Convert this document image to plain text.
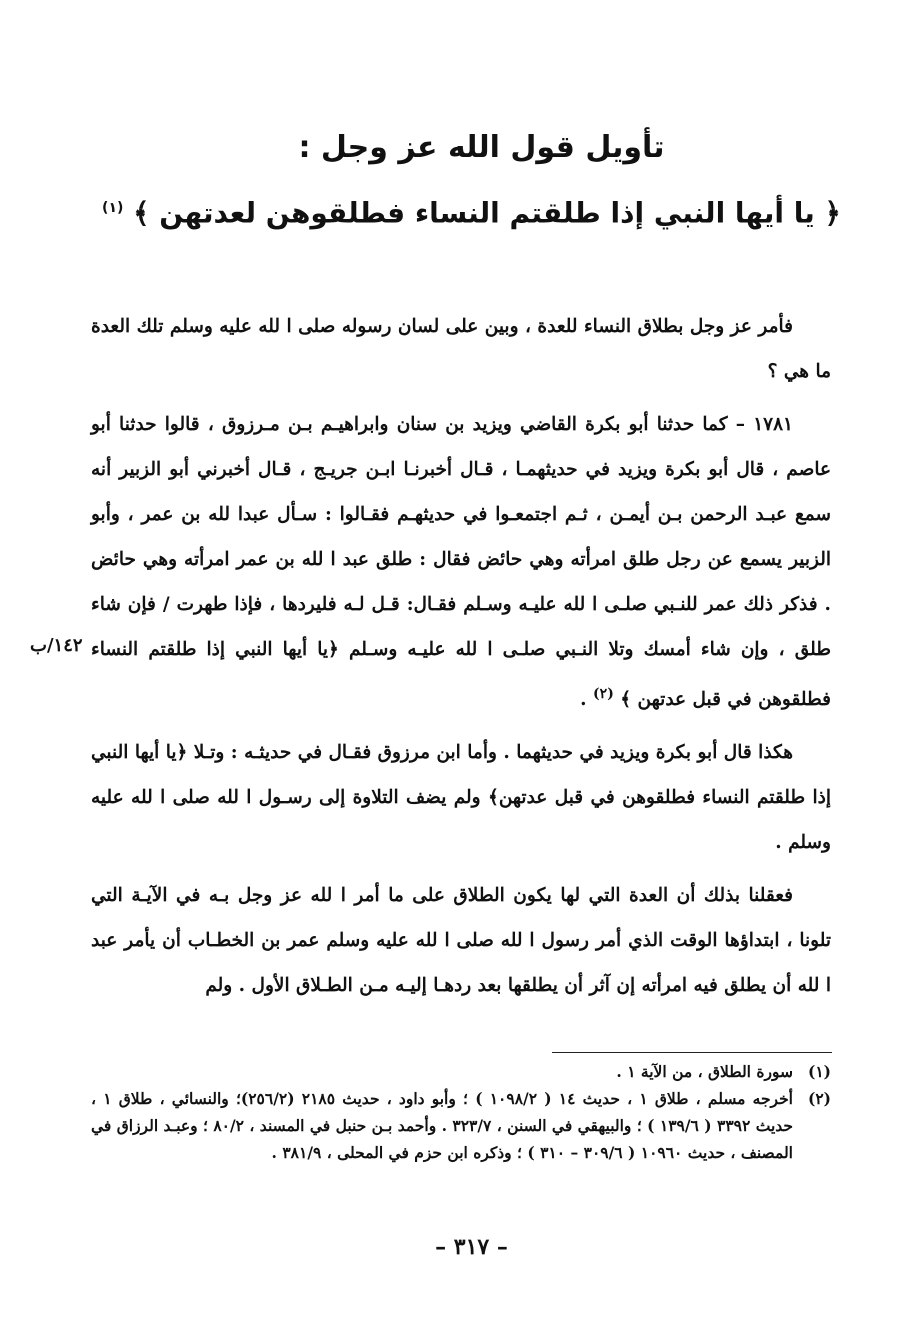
تأويل قول الله عز وجل :
﴿ يا أيها النبي إذا طلقتم النساء فطلقوهن لعدتهن ﴾ $^{(١)}$

فأمر عز وجل بطلاق النساء للعدة ، وبين على لسان رسوله صلى ا لله عليه وسلم تلك العدة ما هي ؟

١٧٨١ – كما حدثنا أبو بكرة القاضي ويزيد بن سنان وابراهيـم بـن مـرزوق ، قالوا حدثنا أبو عاصم ، قال أبو بكرة ويزيد في حديثهمـا ، قـال أخبرنـا ابـن جريـج ، قـال أخبرني أبو الزبير أنه سمع عبـد الرحمن بـن أيمـن ، ثـم اجتمعـوا في حديثهـم فقـالوا : سـأل عبدا لله بن عمر ، وأبو الزبير يسمع عن رجل طلق امرأته وهي حائض فقال : طلق عبد ا لله بن عمر امرأته وهي حائض . فذكر ذلك عمر للنـبي صلـى ا لله عليـه وسـلم فقـال: قـل لـه فليردها ، فإذا طهرت / فإن شاء طلق ، وإن شاء أمسك وتلا النـبي صلـى ا لله عليـه وسـلم ﴿يا أيها النبي إذا طلقتم النساء فطلقوهن في قبل عدتهن ﴾ $^{(٢)}$ .

هكذا قال أبو بكرة ويزيد في حديثهما . وأما ابن مرزوق فقـال في حديثـه : وتـلا ﴿يا أيها النبي إذا طلقتم النساء فطلقوهن في قبل عدتهن﴾ ولم يضف التلاوة إلى رسـول ا لله صلى ا لله عليه وسلم .

فعقلنا بذلك أن العدة التي لها يكون الطلاق على ما أمر ا لله عز وجل بـه في الآيـة التي تلونا ، ابتداؤها الوقت الذي أمر رسول ا لله صلى ا لله عليه وسلم عمر بن الخطـاب أن يأمر عبد ا لله أن يطلق فيه امرأته إن آثر أن يطلقها بعد ردهـا إليـه مـن الطـلاق الأول . ولم

١٤٢/ب
(١)
سورة الطلاق ، من الآية ١ .
(٢)
أخرجه مسلم ، طلاق ١ ، حديث ١٤ ( ١٠٩٨/٢ ) ؛ وأبو داود ، حديث ٢١٨٥ (٢٥٦/٢)؛ والنسائي ، طلاق ١ ، حديث ٣٣٩٢ ( ١٣٩/٦ ) ؛ والبيهقي في السنن ، ٣٢٣/٧ . وأحمد بـن حنبل في المسند ، ٨٠/٢ ؛ وعبـد الرزاق في المصنف ، حديث ١٠٩٦٠ ( ٣٠٩/٦ – ٣١٠ ) ؛ وذكره ابن حزم في المحلى ، ٣٨١/٩ .
– ٣١٧ –
